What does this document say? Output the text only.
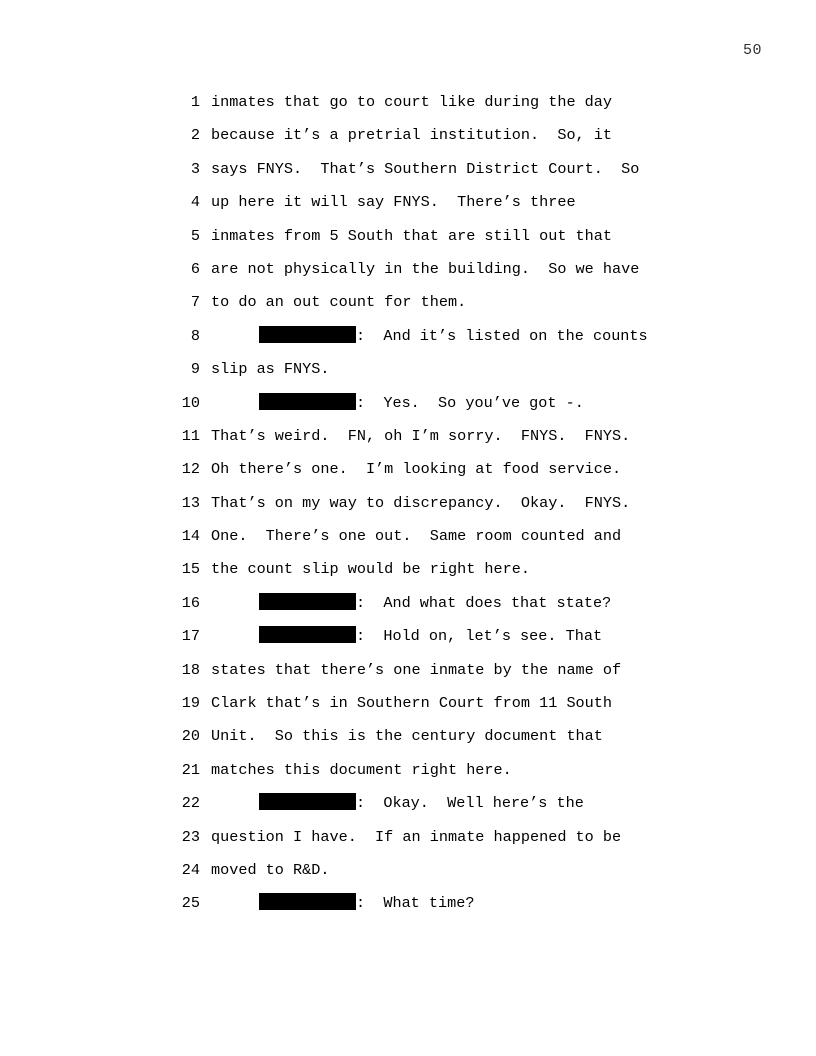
50
1 inmates that go to court like during the day
2 because it’s a pretrial institution.  So, it
3 says FNYS.  That’s Southern District Court.  So
4 up here it will say FNYS.  There’s three
5 inmates from 5 South that are still out that
6 are not physically in the building.  So we have
7 to do an out count for them.
8	:  And it’s listed on the counts
9 slip as FNYS.
10	:  Yes.  So you’ve got -.
11 That’s weird.  FN, oh I’m sorry.  FNYS.  FNYS.
12 Oh there’s one.  I’m looking at food service.
13 That’s on my way to discrepancy.  Okay.  FNYS.
14 One.  There’s one out.  Same room counted and
15 the count slip would be right here.
16	:  And what does that state?
17	:  Hold on, let’s see. That
18 states that there’s one inmate by the name of
19 Clark that’s in Southern Court from 11 South
20 Unit.  So this is the century document that
21 matches this document right here.
22	:  Okay.  Well here’s the
23 question I have.  If an inmate happened to be
24 moved to R&D.
25	:  What time?
